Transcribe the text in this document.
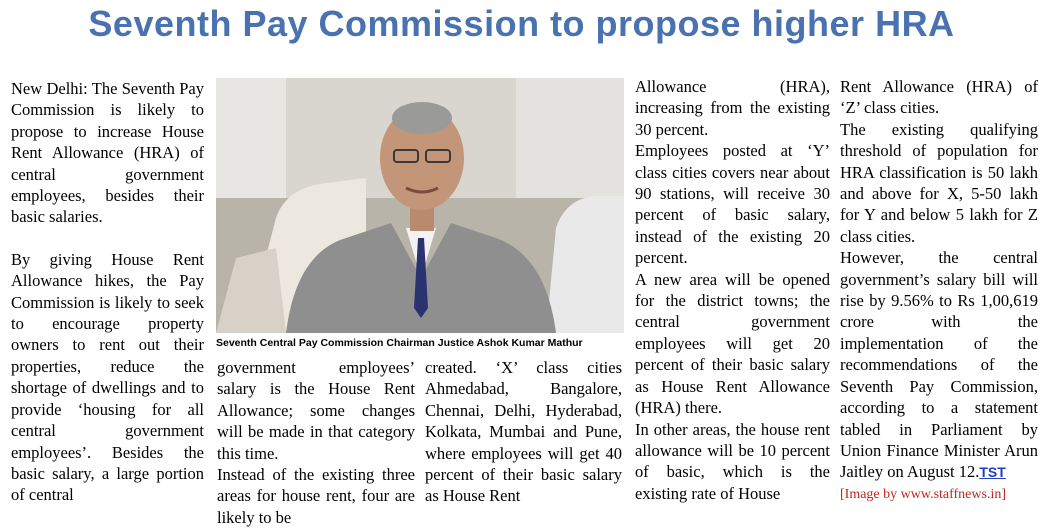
Seventh Pay Commission to propose higher HRA

New Delhi: The Seventh Pay Commission is likely to propose to increase House Rent Allowance (HRA) of central government employees, besides their basic salaries.

By giving House Rent Allowance hikes, the Pay Commission is likely to seek to encourage property owners to rent out their properties, reduce the shortage of dwellings and to provide ‘housing for all central government employees’. Besides the basic salary, a large portion of central

Seventh Central Pay Commission Chairman Justice Ashok Kumar Mathur

government employees’ salary is the House Rent Allowance; some changes will be made in that category this time.

Instead of the existing three areas for house rent, four are likely to be

created. ‘X’ class cities Ahmedabad, Bangalore, Chennai, Delhi, Hyderabad, Kolkata, Mumbai and Pune, where employees will get 40 percent of their basic salary as House Rent

Allowance (HRA), increasing from the existing 30 percent.

Employees posted at ‘Y’ class cities covers near about 90 stations, will receive 30 percent of basic salary, instead of the existing 20 percent.

A new area will be opened for the district towns; the central government employees will get 20 percent of their basic salary as House Rent Allowance (HRA) there.

In other areas, the house rent allowance will be 10 percent of basic, which is the existing rate of House

Rent Allowance (HRA) of ‘Z’ class cities.

The existing qualifying threshold of population for HRA classification is 50 lakh and above for X, 5-50 lakh for Y and below 5 lakh for Z class cities.

However, the central government’s salary bill will rise by 9.56% to Rs 1,00,619 crore with the implementation of the recommendations of the Seventh Pay Commission, according to a statement tabled in Parliament by Union Finance Minister Arun Jaitley on August 12.TST

[Image by www.staffnews.in]
